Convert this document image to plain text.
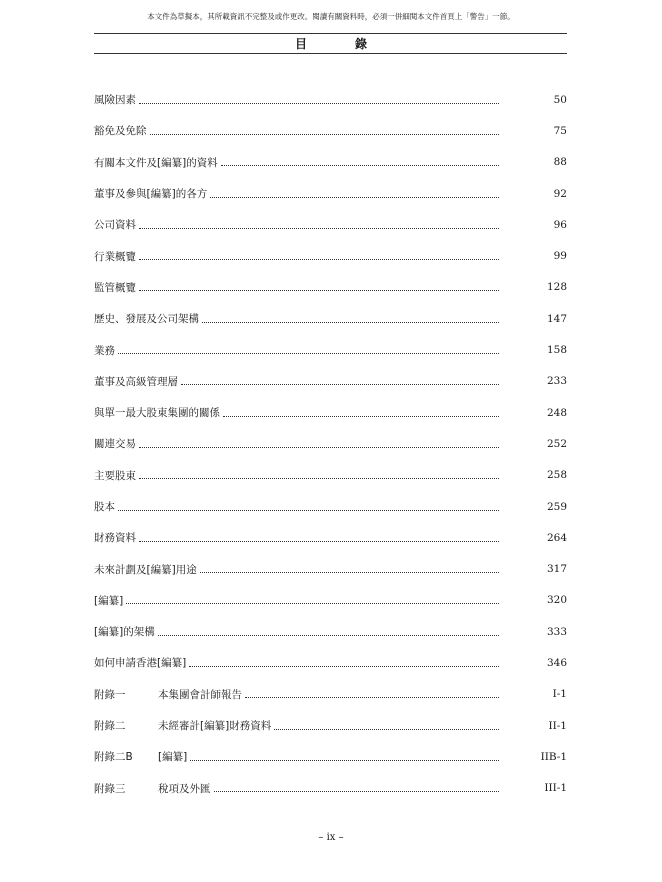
本文件為草擬本，其所載資訊不完整及或作更改。閱讀有關資料時，必須一併細閱本文件首頁上「警告」一節。
目　錄
風險因素	50
豁免及免除	75
有關本文件及[編纂]的資料	88
董事及參與[編纂]的各方	92
公司資料	96
行業概覽	99
監管概覽	128
歷史、發展及公司架構	147
業務	158
董事及高級管理層	233
與單一最大股東集團的關係	248
關連交易	252
主要股東	258
股本	259
財務資料	264
未來計劃及[編纂]用途	317
[編纂]	320
[編纂]的架構	333
如何申請香港[編纂]	346
附錄一	本集團會計師報告	I-1
附錄二	未經審計[編纂]財務資料	II-1
附錄二B [編纂]	IIB-1
附錄三	稅項及外匯	III-1
– ix –
